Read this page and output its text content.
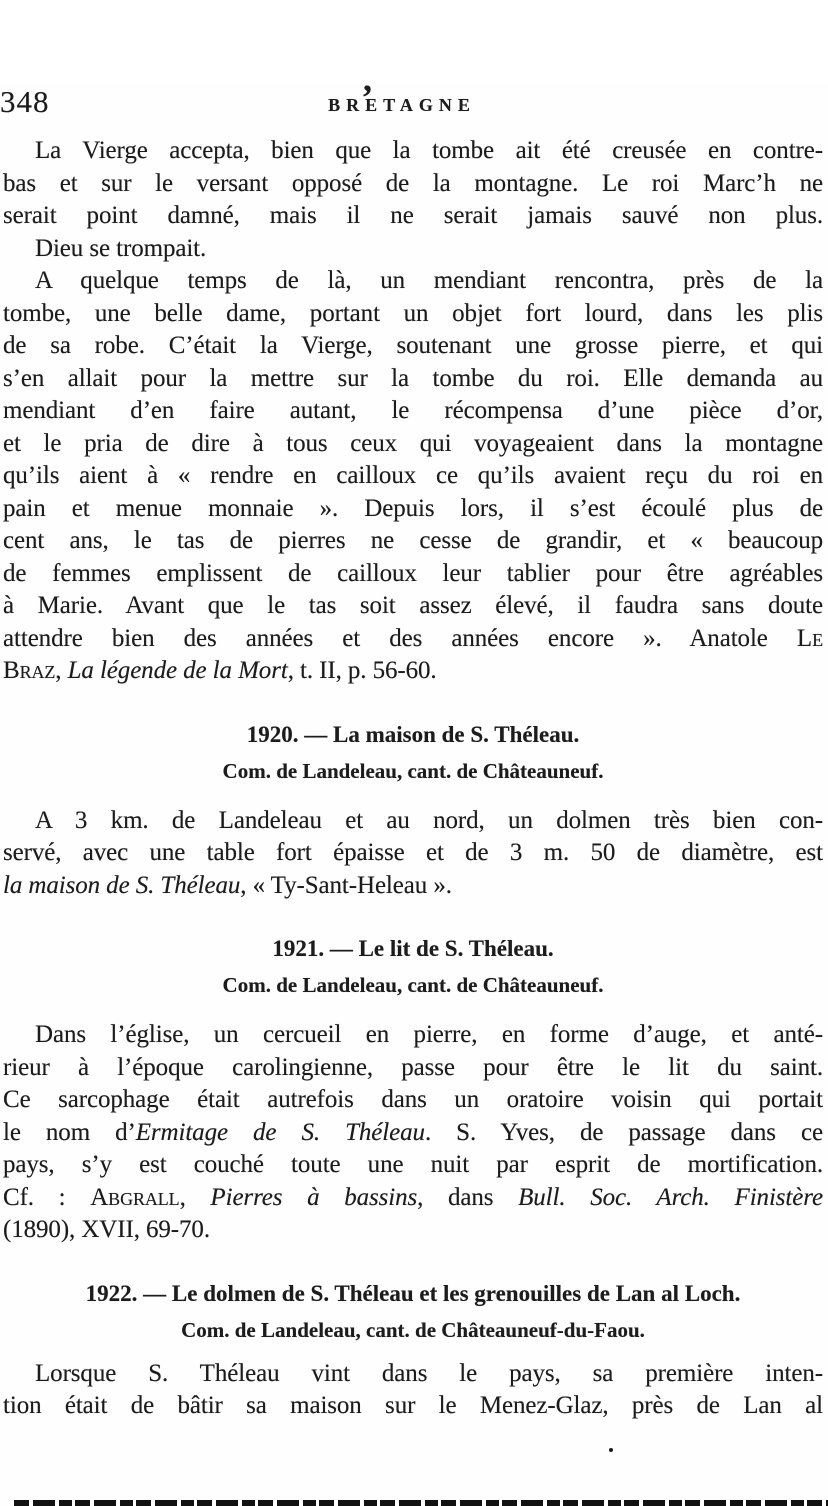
,
348	BRETAGNE
La Vierge accepta, bien que la tombe ait été creusée en contre-
bas et sur le versant opposé de la montagne. Le roi Marc’h ne
serait point damné, mais il ne serait jamais sauvé non plus.
Dieu se trompait.
A quelque temps de là, un mendiant rencontra, près de la
tombe, une belle dame, portant un objet fort lourd, dans les plis
de sa robe. C’était la Vierge, soutenant une grosse pierre, et qui
s’en allait pour la mettre sur la tombe du roi. Elle demanda au
mendiant d’en faire autant, le récompensa d’une pièce d’or,
et le pria de dire à tous ceux qui voyageaient dans la montagne
qu’ils aient à « rendre en cailloux ce qu’ils avaient reçu du roi en
pain et menue monnaie ». Depuis lors, il s’est écoulé plus de
cent ans, le tas de pierres ne cesse de grandir, et « beaucoup
de femmes emplissent de cailloux leur tablier pour être agréables
à Marie. Avant que le tas soit assez élevé, il faudra sans doute
attendre bien des années et des années encore ». Anatole Le
Braz, La légende de la Mort, t. II, p. 56-60.
1920. — La maison de S. Théleau.
Com. de Landeleau, cant. de Châteauneuf.
A 3 km. de Landeleau et au nord, un dolmen très bien con-
servé, avec une table fort épaisse et de 3 m. 50 de diamètre, est
la maison de S. Théleau, « Ty-Sant-Heleau ».
1921. — Le lit de S. Théleau.
Com. de Landeleau, cant. de Châteauneuf.
Dans l’église, un cercueil en pierre, en forme d’auge, et anté-
rieur à l’époque carolingienne, passe pour être le lit du saint.
Ce sarcophage était autrefois dans un oratoire voisin qui portait
le nom d’Ermitage de S. Théleau. S. Yves, de passage dans ce
pays, s’y est couché toute une nuit par esprit de mortification.
Cf. : Abgrall, Pierres à bassins, dans Bull. Soc. Arch. Finistère
(1890), XVII, 69-70.
1922. — Le dolmen de S. Théleau et les grenouilles de Lan al Loch.
Com. de Landeleau, cant. de Châteauneuf-du-Faou.
Lorsque S. Théleau vint dans le pays, sa première inten-
tion était de bâtir sa maison sur le Menez-Glaz, près de Lan al
